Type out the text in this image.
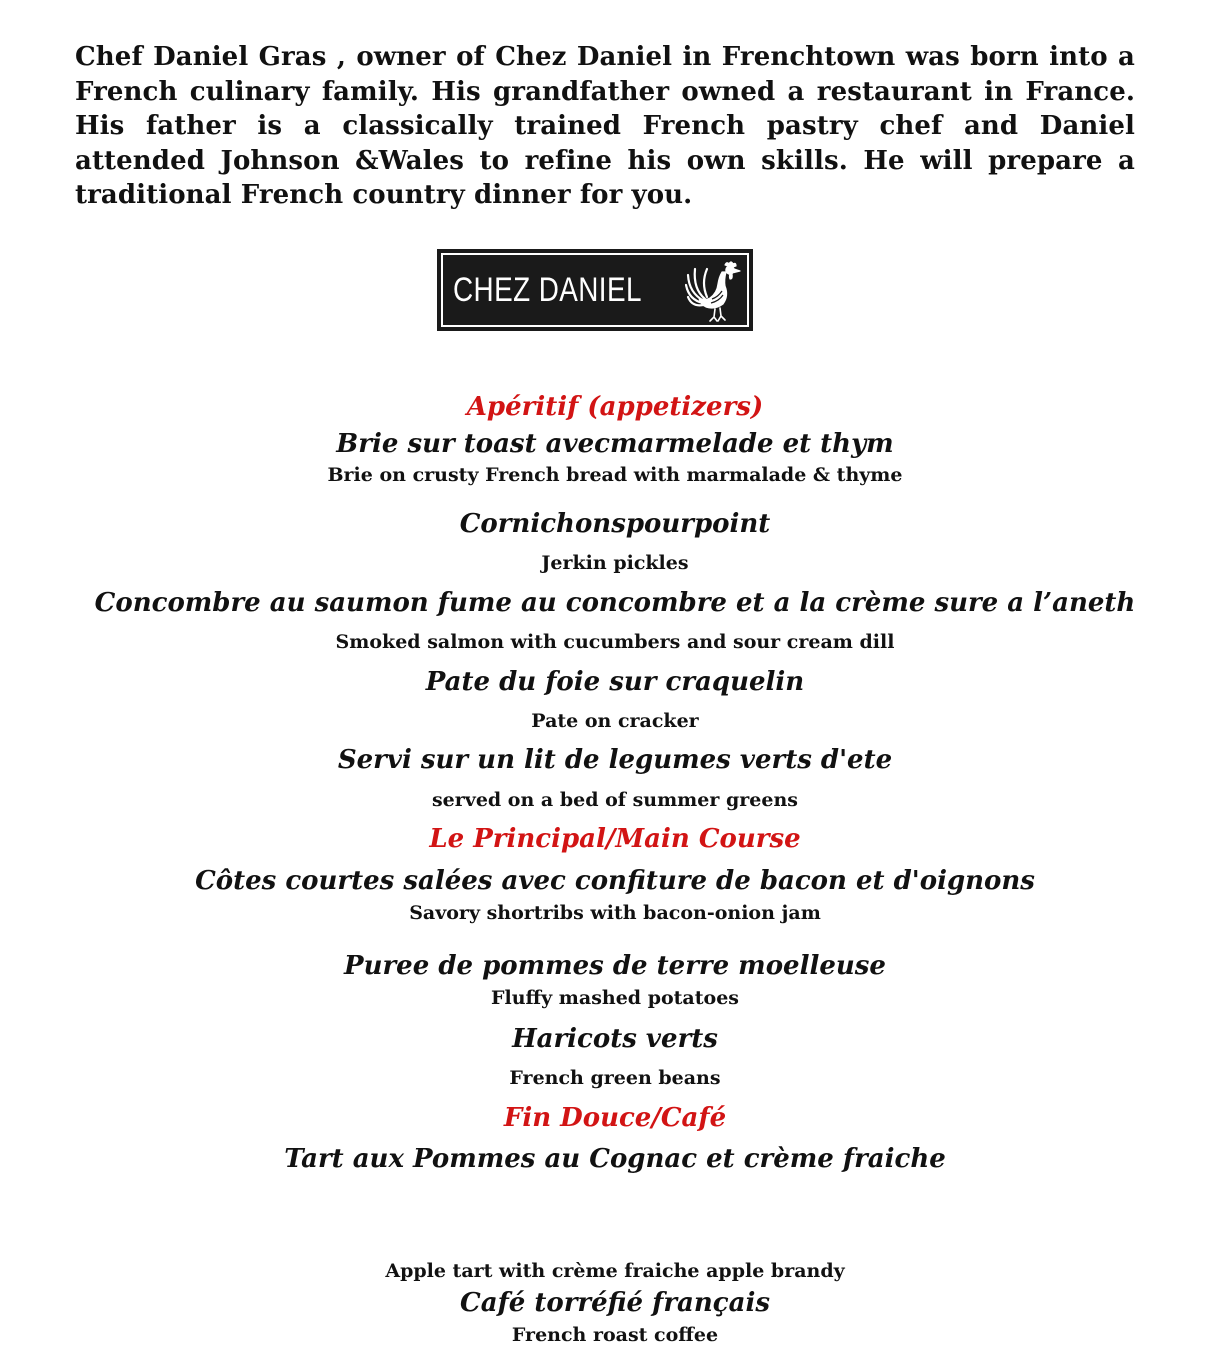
Chef Daniel Gras , owner of Chez Daniel in Frenchtown was born into a French culinary family. His grandfather owned a restaurant in France. His father is a classically trained French pastry chef and Daniel attended Johnson &Wales to refine his own skills. He will prepare a traditional French country dinner for you.
CHEZ DANIEL
Apéritif (appetizers)
Brie sur toast avecmarmelade et thym
Brie on crusty French bread with marmalade & thyme
Cornichonspourpoint
Jerkin pickles
Concombre au saumon fume au concombre et a la crème sure a l’aneth
Smoked salmon with cucumbers and sour cream dill
Pate du foie sur craquelin
Pate on cracker
Servi sur un lit de legumes verts d'ete
served on a bed of summer greens
Le Principal/Main Course
Côtes courtes salées avec confiture de bacon et d'oignons
Savory shortribs with bacon-onion jam
Puree de pommes de terre moelleuse
Fluffy mashed potatoes
Haricots verts
French green beans
Fin Douce/Café
Tart aux Pommes au Cognac et crème fraiche
Apple tart with crème fraiche apple brandy
Café torréfié français
French roast coffee
